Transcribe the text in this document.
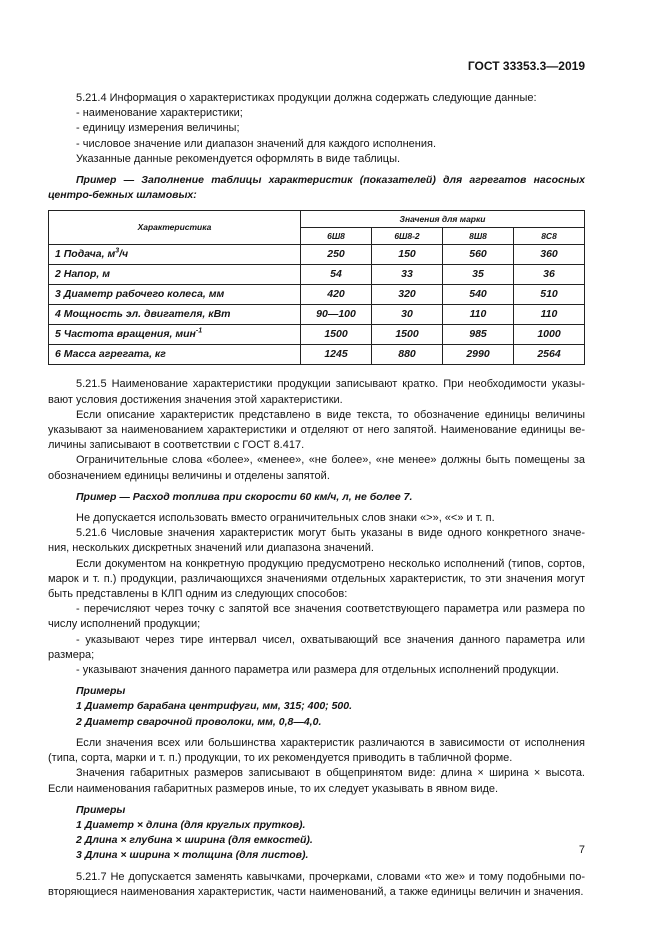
ГОСТ 33353.3—2019

5.21.4 Информация о характеристиках продукции должна содержать следующие данные:

- наименование характеристики;

- единицу измерения величины;

- числовое значение или диапазон значений для каждого исполнения.

Указанные данные рекомендуется оформлять в виде таблицы.

Пример — Заполнение таблицы характеристик (показателей) для агрегатов насосных центро-бежных шламовых:

Характеристика	Значения для марки			
	6Ш8	6Ш8-2	8Ш8	8С8
1 Подача, $м^3/ч$	250	150	560	360
2 Напор, м	54	33	35	36
3 Диаметр рабочего колеса, мм	420	320	540	510
4 Мощность эл. двигателя, кВт	90—100	30	110	110
5 Частота вращения, мин$^{-1}$	1500	1500	985	1000
6 Масса агрегата, кг	1245	880	2990	2564

5.21.5 Наименование характеристики продукции записывают кратко. При необходимости указы-вают условия достижения значения этой характеристики.

Если описание характеристик представлено в виде текста, то обозначение единицы величины указывают за наименованием характеристики и отделяют от него запятой. Наименование единицы ве-личины записывают в соответствии с ГОСТ 8.417.

Ограничительные слова «более», «менее», «не более», «не менее» должны быть помещены за обозначением единицы величины и отделены запятой.

Пример — Расход топлива при скорости 60 км/ч, л, не более 7.

Не допускается использовать вместо ограничительных слов знаки «>», «<» и т. п.

5.21.6 Числовые значения характеристик могут быть указаны в виде одного конкретного значе-ния, нескольких дискретных значений или диапазона значений.

Если документом на конкретную продукцию предусмотрено несколько исполнений (типов, сортов, марок и т. п.) продукции, различающихся значениями отдельных характеристик, то эти значения могут быть представлены в КЛП одним из следующих способов:

- перечисляют через точку с запятой все значения соответствующего параметра или размера по числу исполнений продукции;

- указывают через тире интервал чисел, охватывающий все значения данного параметра или размера;

- указывают значения данного параметра или размера для отдельных исполнений продукции.

Примеры

1 Диаметр барабана центрифуги, мм, 315; 400; 500.

2 Диаметр сварочной проволоки, мм, 0,8—4,0.

Если значения всех или большинства характеристик различаются в зависимости от исполнения (типа, сорта, марки и т. п.) продукции, то их рекомендуется приводить в табличной форме.

Значения габаритных размеров записывают в общепринятом виде: длина × ширина × высота. Если наименования габаритных размеров иные, то их следует указывать в явном виде.

Примеры

1 Диаметр × длина (для круглых прутков).

2 Длина × глубина × ширина (для емкостей).

3 Длина × ширина × толщина (для листов).

5.21.7 Не допускается заменять кавычками, прочерками, словами «то же» и тому подобными по-вторяющиеся наименования характеристик, части наименований, а также единицы величин и значения.

7
